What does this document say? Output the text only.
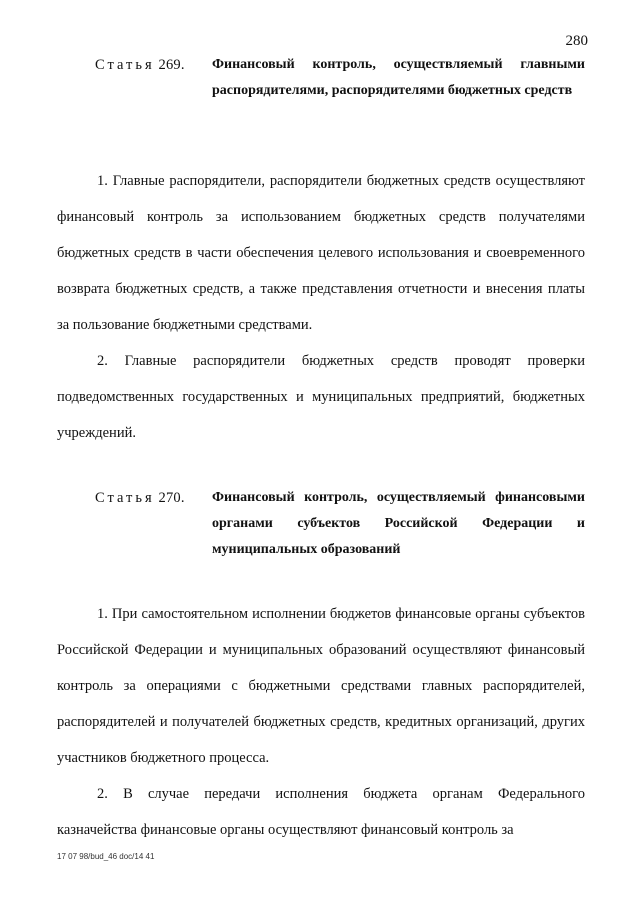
280
Статья 269.	Финансовый контроль, осуществляемый главными распорядителями, распорядителями бюджетных средств

1. Главные распорядители, распорядители бюджетных средств осуществляют финансовый контроль за использованием бюджетных средств получателями бюджетных средств в части обеспечения целевого использования и своевременного возврата бюджетных средств, а также представления отчетности и внесения платы за пользование бюджетными средствами.

2. Главные распорядители бюджетных средств проводят проверки подведомственных государственных и муниципальных предприятий, бюджетных учреждений.

Статья 270.	Финансовый контроль, осуществляемый финансовыми органами субъектов Российской Федерации и муниципальных образований

1. При самостоятельном исполнении бюджетов финансовые органы субъектов Российской Федерации и муниципальных образований осуществляют финансовый контроль за операциями с бюджетными средствами главных распорядителей, распорядителей и получателей бюджетных средств, кредитных организаций, других участников бюджетного процесса.

2. В случае передачи исполнения бюджета органам Федерального казначейства финансовые органы осуществляют финансовый контроль за

17 07 98/bud_46 doc/14 41
